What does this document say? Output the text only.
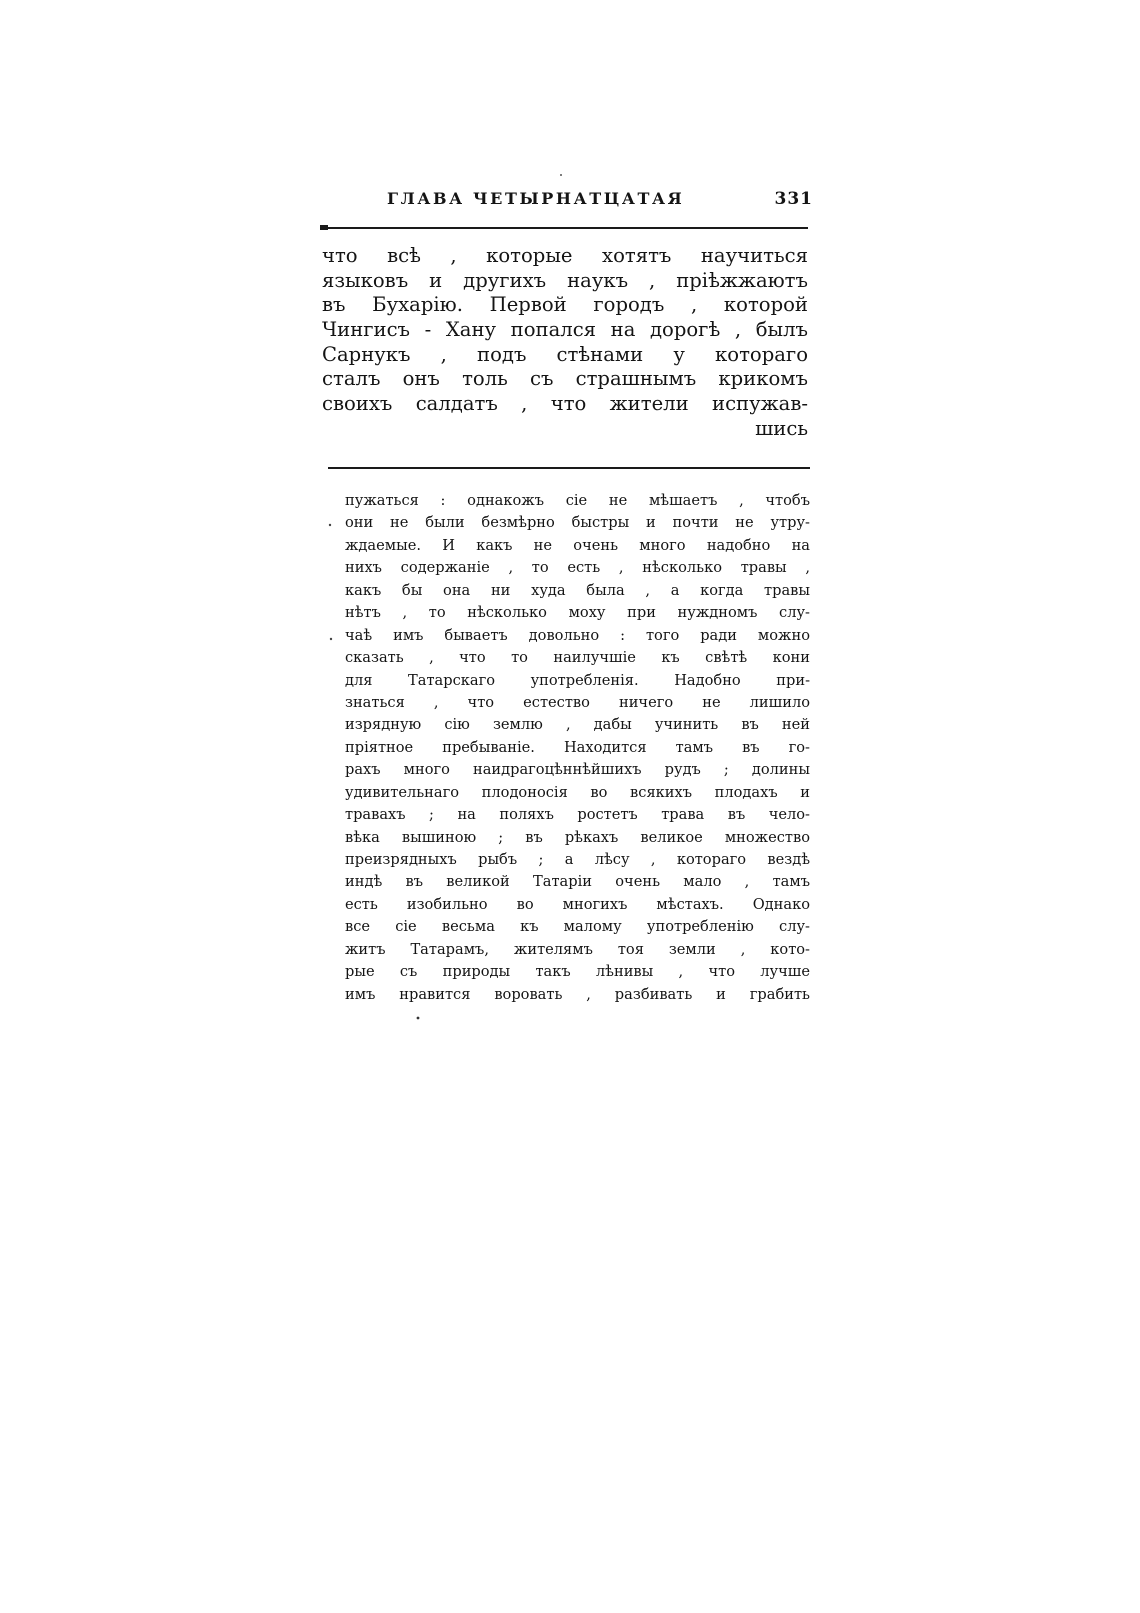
ГЛАВА ЧЕТЫРНАТЦАТАЯ	331
что всѣ , которые хотятъ научиться
языковъ и другихъ наукъ , пріѣжжаютъ
въ Бухарію. Первой городъ , которой
Чингисъ - Хану попался на дорогѣ , былъ
Сарнукъ , подъ стѣнами у котораго
сталъ онъ толь съ страшнымъ крикомъ
своихъ салдатъ , что жители испужав-
шись
пужаться : однакожъ сіе не мѣшаетъ , чтобъ
они не были безмѣрно быстры и почти не утру-
ждаемые. И какъ не очень много надобно на
нихъ содержаніе , то есть , нѣсколько травы ,
какъ бы она ни худа была , а когда травы
нѣтъ , то нѣсколько моху при нуждномъ слу-
чаѣ имъ бываетъ довольно : того ради можно
сказать , что то наилучшіе къ свѣтѣ кони
для Татарскаго употребленія. Надобно при-
знаться , что естество ничего не лишило
изрядную сію землю , дабы учинить въ ней
пріятное пребываніе. Находится тамъ въ го-
рахъ много наидрагоцѣннѣйшихъ рудъ ; долины
удивительнаго плодоносія во всякихъ плодахъ и
травахъ ; на поляхъ ростетъ трава въ чело-
вѣка вышиною ; въ рѣкахъ великое множество
преизрядныхъ рыбъ ; а лѣсу , котораго вездѣ
индѣ въ великой Татаріи очень мало , тамъ
есть изобильно во многихъ мѣстахъ. Однако
все сіе весьма къ малому употребленію слу-
житъ Татарамъ, жителямъ тоя земли , кото-
рые съ природы такъ лѣнивы , что лучше
имъ нравится воровать , разбивать и грабить
